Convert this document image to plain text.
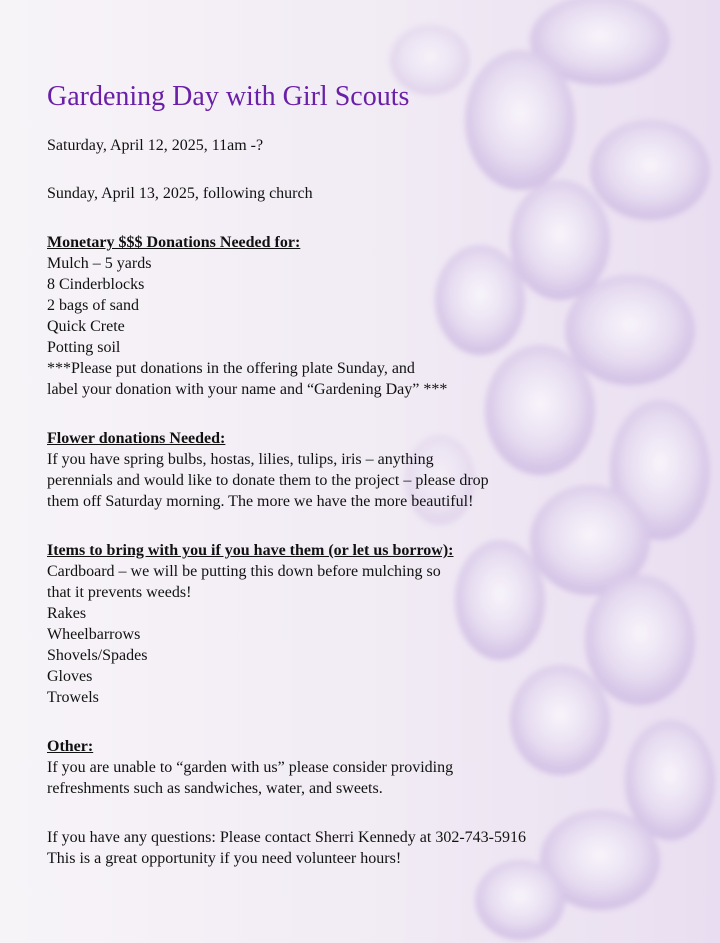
Gardening Day with Girl Scouts
Saturday, April 12, 2025, 11am -?
Sunday, April 13, 2025, following church
Monetary $$$ Donations Needed for:
Mulch – 5 yards
8 Cinderblocks
2 bags of sand
Quick Crete
Potting soil
***Please put donations in the offering plate Sunday, and
label your donation with your name and “Gardening Day” ***
Flower donations Needed:
If you have spring bulbs, hostas, lilies, tulips, iris – anything
perennials and would like to donate them to the project – please drop
them off Saturday morning. The more we have the more beautiful!
Items to bring with you if you have them (or let us borrow):
Cardboard – we will be putting this down before mulching so
that it prevents weeds!
Rakes
Wheelbarrows
Shovels/Spades
Gloves
Trowels
Other:
If you are unable to “garden with us” please consider providing
refreshments such as sandwiches, water, and sweets.
If you have any questions: Please contact Sherri Kennedy at 302-743-5916
This is a great opportunity if you need volunteer hours!
